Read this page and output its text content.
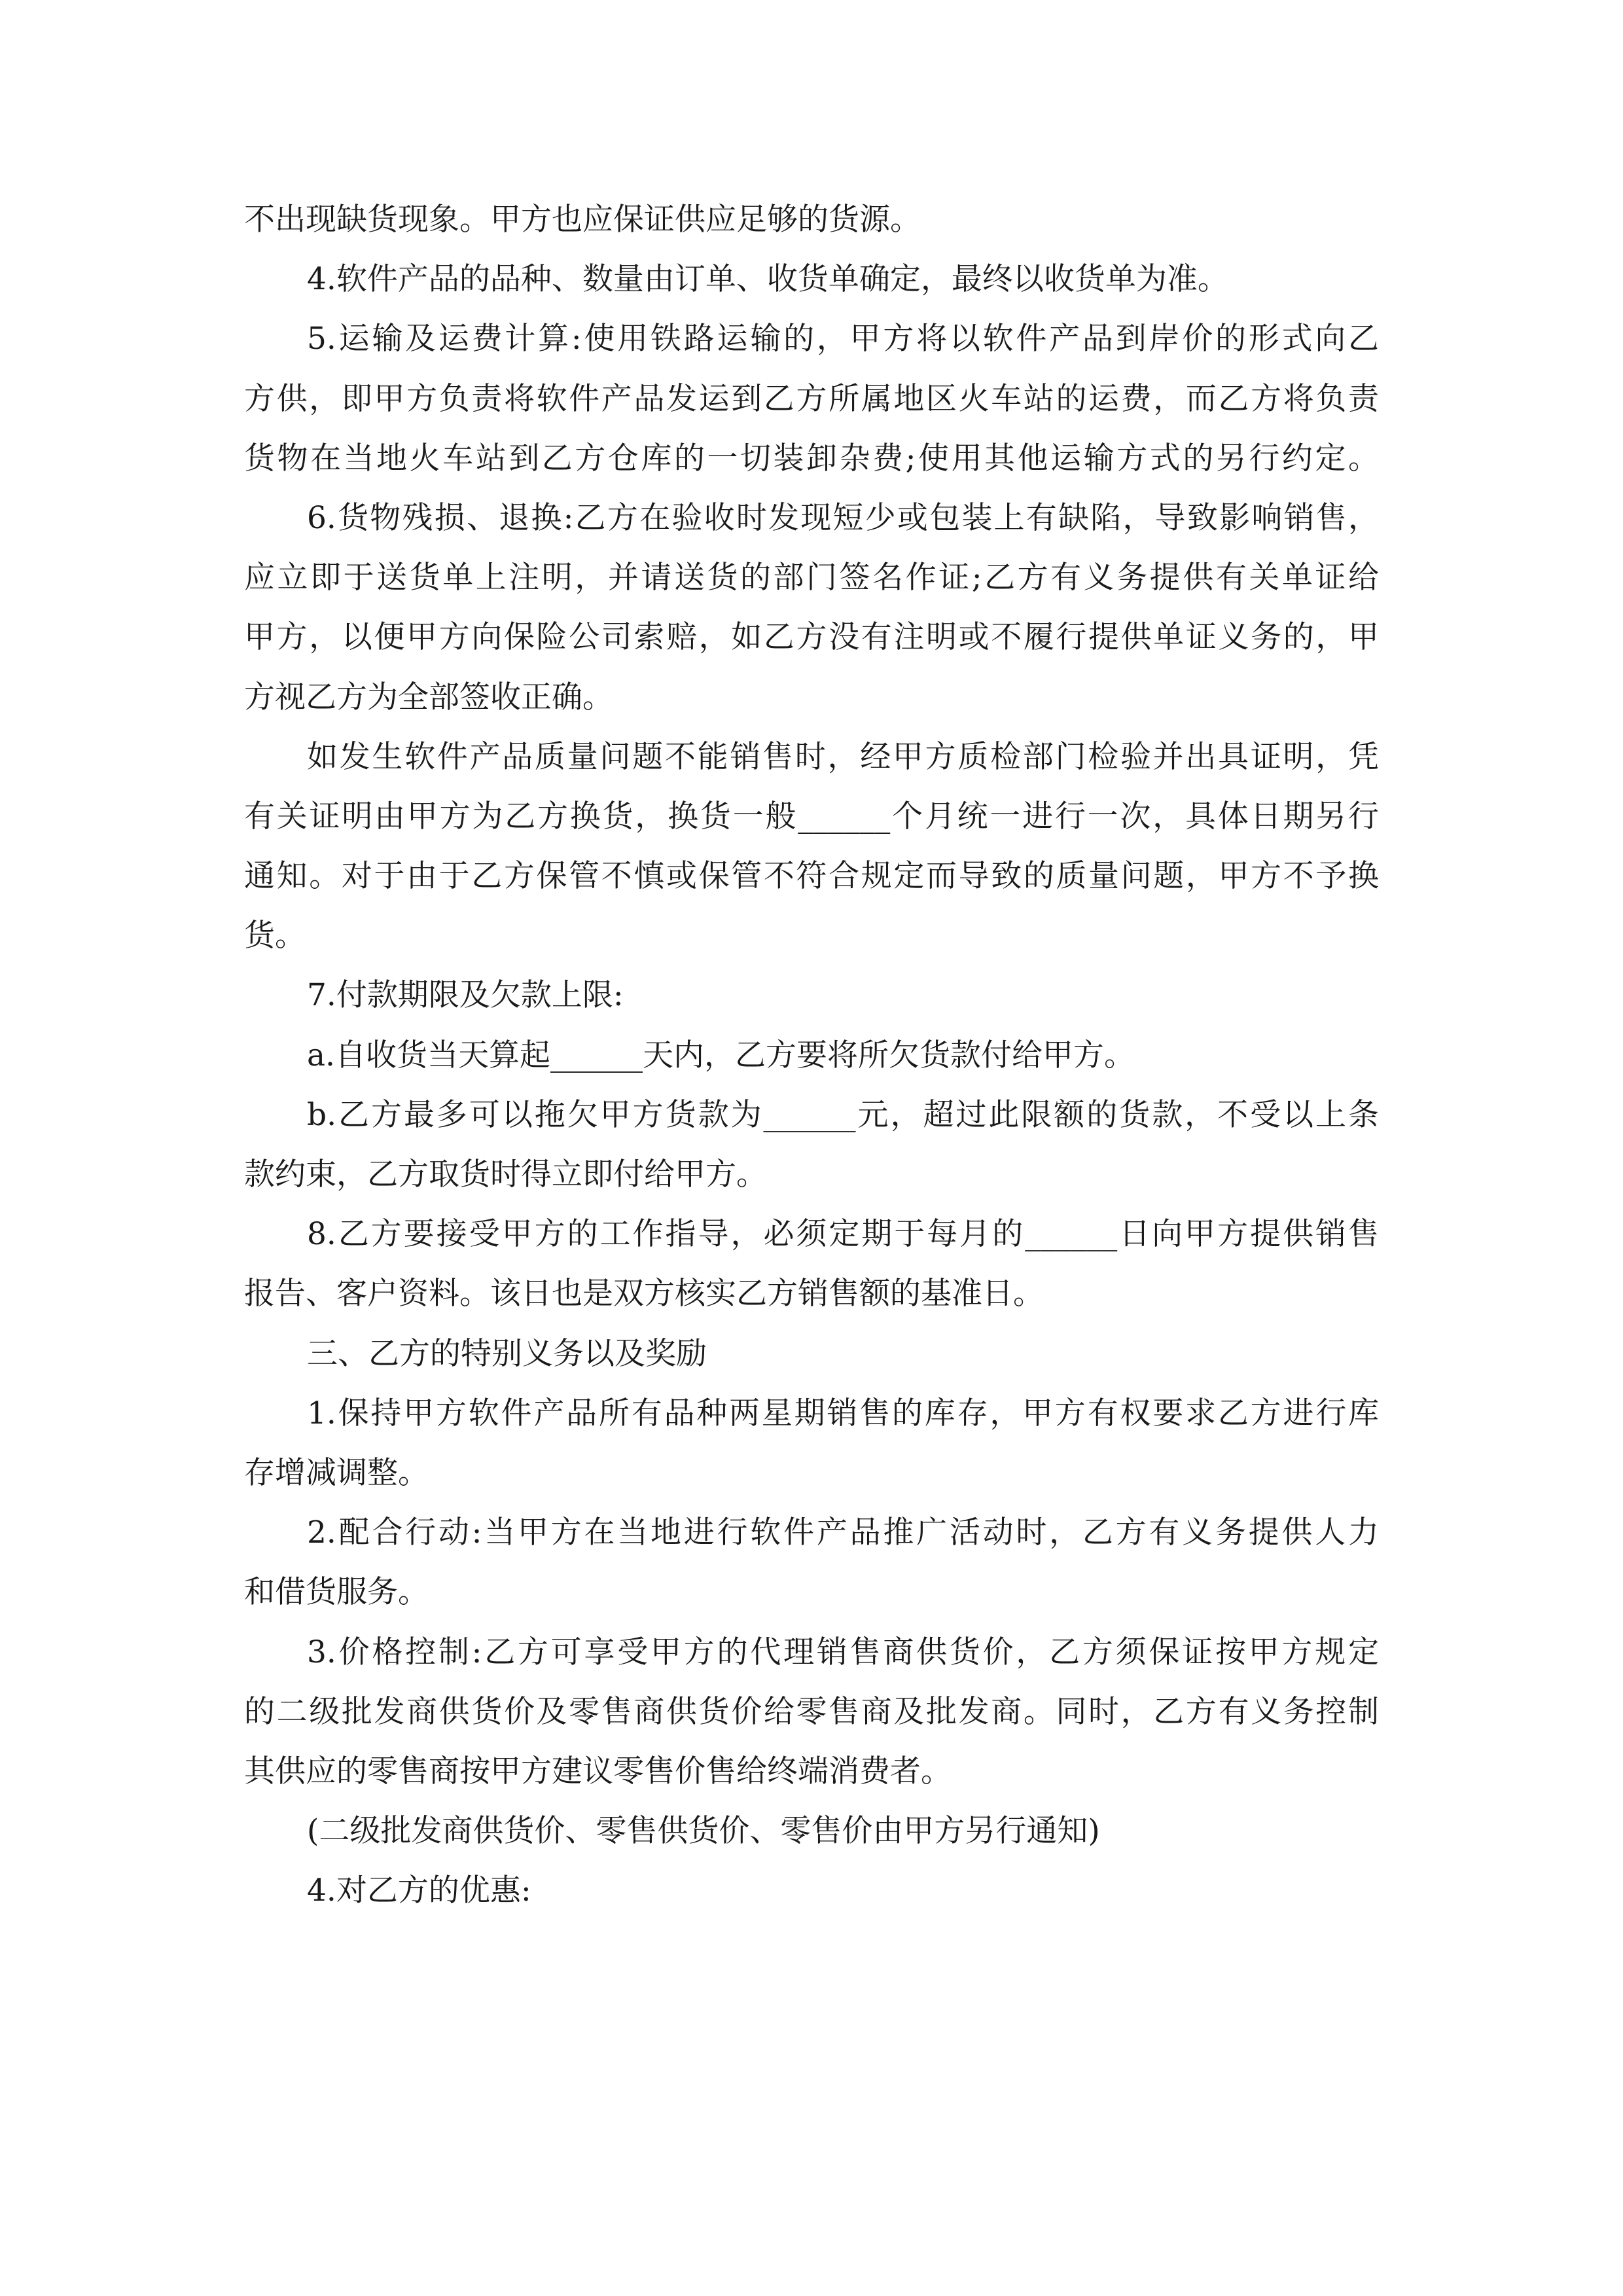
不出现缺货现象。甲方也应保证供应足够的货源。
4.软件产品的品种、数量由订单、收货单确定，最终以收货单为准。
5.运输及运费计算:使用铁路运输的，甲方将以软件产品到岸价的形式向乙
方供，即甲方负责将软件产品发运到乙方所属地区火车站的运费，而乙方将负责
货物在当地火车站到乙方仓库的一切装卸杂费;使用其他运输方式的另行约定。
6.货物残损、退换:乙方在验收时发现短少或包装上有缺陷，导致影响销售，
应立即于送货单上注明，并请送货的部门签名作证;乙方有义务提供有关单证给
甲方，以便甲方向保险公司索赔，如乙方没有注明或不履行提供单证义务的，甲
方视乙方为全部签收正确。
如发生软件产品质量问题不能销售时，经甲方质检部门检验并出具证明，凭
有关证明由甲方为乙方换货，换货一般______个月统一进行一次，具体日期另行
通知。对于由于乙方保管不慎或保管不符合规定而导致的质量问题，甲方不予换
货。
7.付款期限及欠款上限:
a.自收货当天算起______天内，乙方要将所欠货款付给甲方。
b.乙方最多可以拖欠甲方货款为______元，超过此限额的货款，不受以上条
款约束，乙方取货时得立即付给甲方。
8.乙方要接受甲方的工作指导，必须定期于每月的______日向甲方提供销售
报告、客户资料。该日也是双方核实乙方销售额的基准日。
三、乙方的特别义务以及奖励
1.保持甲方软件产品所有品种两星期销售的库存，甲方有权要求乙方进行库
存增减调整。
2.配合行动:当甲方在当地进行软件产品推广活动时，乙方有义务提供人力
和借货服务。
3.价格控制:乙方可享受甲方的代理销售商供货价，乙方须保证按甲方规定
的二级批发商供货价及零售商供货价给零售商及批发商。同时，乙方有义务控制
其供应的零售商按甲方建议零售价售给终端消费者。
(二级批发商供货价、零售供货价、零售价由甲方另行通知)
4.对乙方的优惠:
